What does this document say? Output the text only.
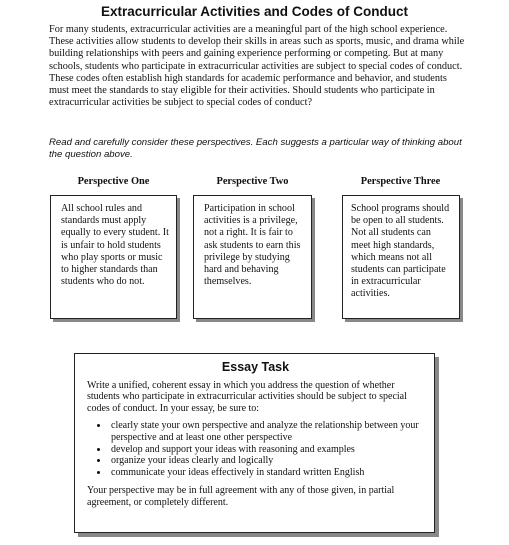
Extracurricular Activities and Codes of Conduct
For many students, extracurricular activities are a meaningful part of the high school experience. These activities allow students to develop their skills in areas such as sports, music, and drama while building relationships with peers and gaining experience performing or competing. But at many schools, students who participate in extracurricular activities are subject to special codes of conduct. These codes often establish high standards for academic performance and behavior, and students must meet the standards to stay eligible for their activities. Should students who participate in extracurricular activities be subject to special codes of conduct?
Read and carefully consider these perspectives. Each suggests a particular way of thinking about the question above.
Perspective One	Perspective Two	Perspective Three
All school rules and standards must apply equally to every student. It is unfair to hold students who play sports or music to higher standards than students who do not.
Participation in school activities is a privilege, not a right. It is fair to ask students to earn this privilege by studying hard and behaving themselves.
School programs should be open to all students. Not all students can meet high standards, which means not all students can participate in extracurricular activities.
Essay Task

Write a unified, coherent essay in which you address the question of whether students who participate in extracurricular activities should be subject to special codes of conduct. In your essay, be sure to:

• clearly state your own perspective and analyze the relationship between your perspective and at least one other perspective
• develop and support your ideas with reasoning and examples
• organize your ideas clearly and logically
• communicate your ideas effectively in standard written English

Your perspective may be in full agreement with any of those given, in partial agreement, or completely different.
